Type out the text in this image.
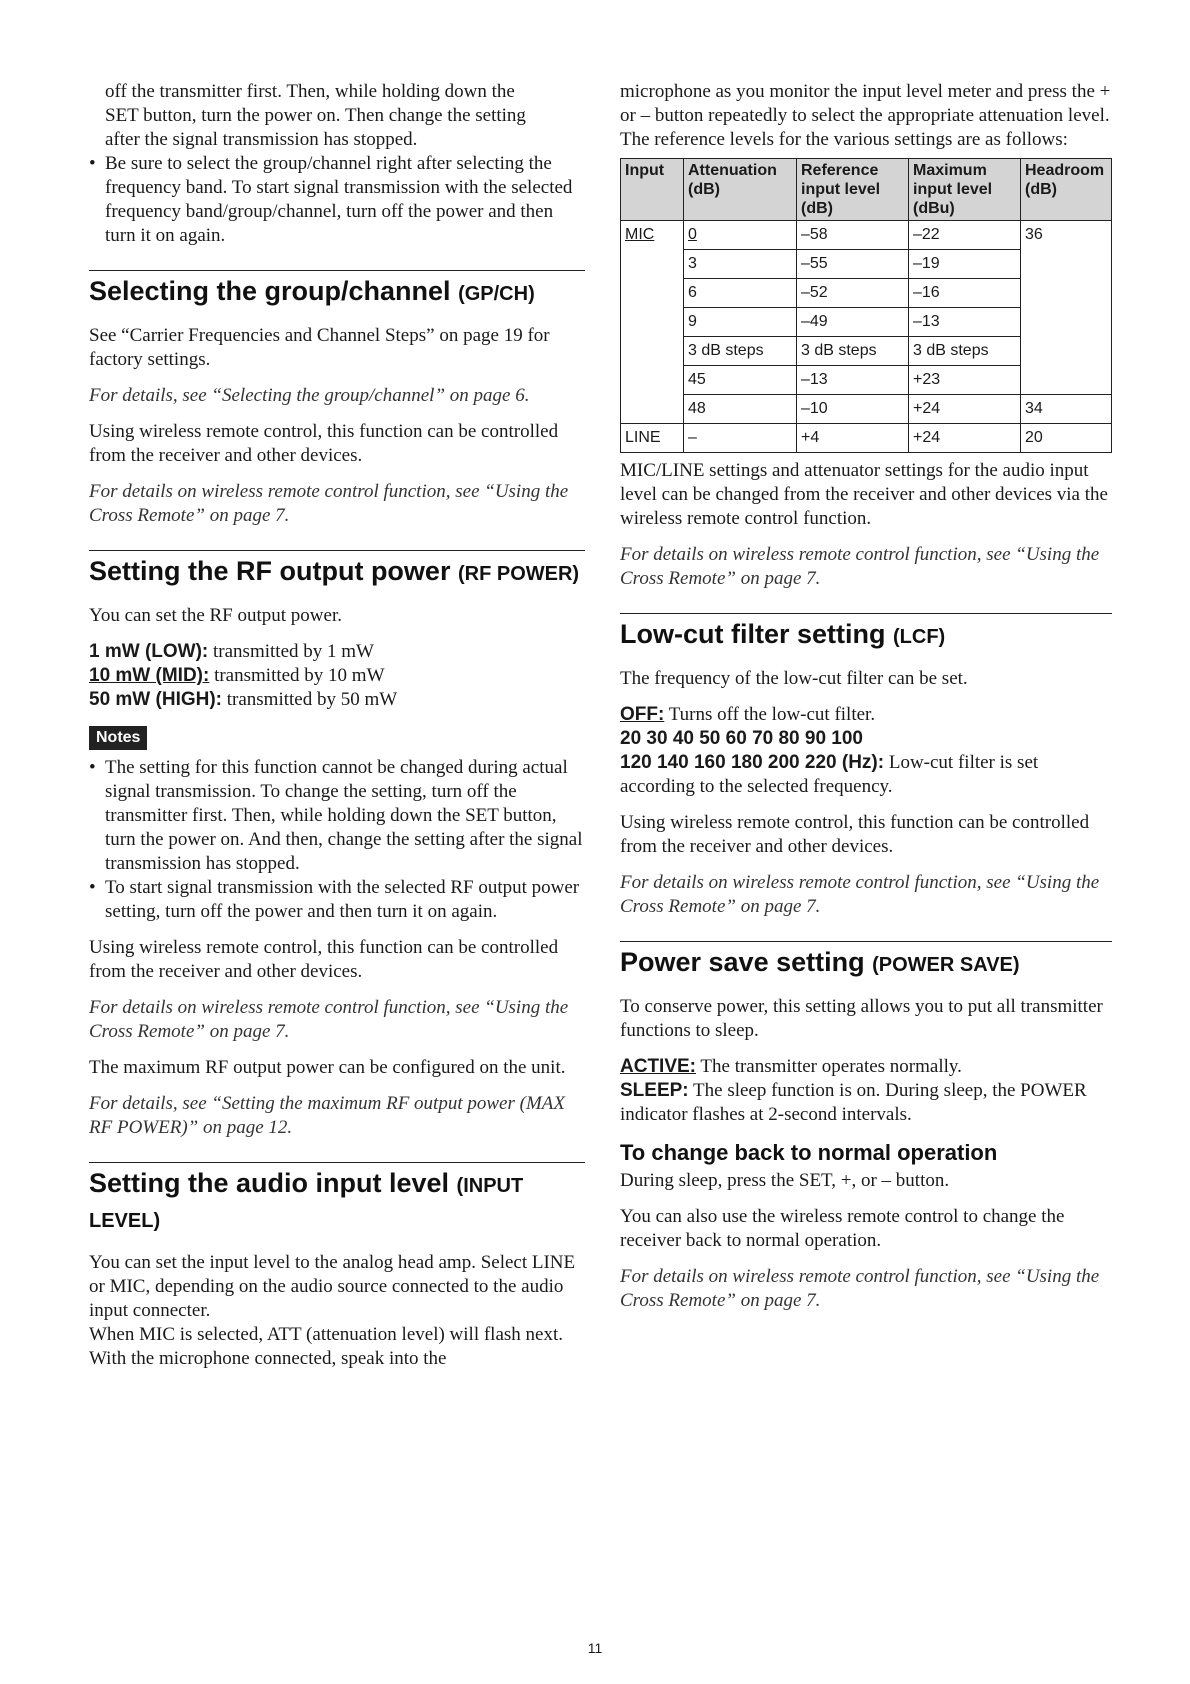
off the transmitter first. Then, while holding down the

SET button, turn the power on. Then change the setting

after the signal transmission has stopped.

• Be sure to select the group/channel right after selecting the frequency band. To start signal transmission with the selected frequency band/group/channel, turn off the power and then turn it on again.
Selecting the group/channel (GP/CH)

See “Carrier Frequencies and Channel Steps” on page 19 for factory settings.

For details, see “Selecting the group/channel” on page 6.

Using wireless remote control, this function can be controlled from the receiver and other devices.

For details on wireless remote control function, see “Using the Cross Remote” on page 7.

Setting the RF output power (RF POWER)

You can set the RF output power.

1 mW (LOW): transmitted by 1 mW

10 mW (MID): transmitted by 10 mW

50 mW (HIGH): transmitted by 50 mW

Notes
• The setting for this function cannot be changed during actual signal transmission. To change the setting, turn off the transmitter first. Then, while holding down the SET button, turn the power on. And then, change the setting after the signal transmission has stopped.
• To start signal transmission with the selected RF output power setting, turn off the power and then turn it on again.

Using wireless remote control, this function can be controlled from the receiver and other devices.

For details on wireless remote control function, see “Using the Cross Remote” on page 7.

The maximum RF output power can be configured on the unit.

For details, see “Setting the maximum RF output power (MAX RF POWER)” on page 12.

Setting the audio input level (INPUT LEVEL)

You can set the input level to the analog head amp. Select LINE or MIC, depending on the audio source connected to the audio input connecter.

When MIC is selected, ATT (attenuation level) will flash next. With the microphone connected, speak into the

microphone as you monitor the input level meter and press the + or – button repeatedly to select the appropriate attenuation level.

The reference levels for the various settings are as follows:

Input	Attenuation (dB)	Reference input level (dB)	Maximum input level (dBu)	Headroom (dB)
MIC	0	–58	–22	36
	3	–55	–19	
	6	–52	–16	
	9	–49	–13	
	3 dB steps	3 dB steps	3 dB steps	
	45	–13	+23	
	48	–10	+24	34
LINE	–	+4	+24	20

MIC/LINE settings and attenuator settings for the audio input level can be changed from the receiver and other devices via the wireless remote control function.

For details on wireless remote control function, see “Using the Cross Remote” on page 7.

Low-cut filter setting (LCF)

The frequency of the low-cut filter can be set.

OFF: Turns off the low-cut filter.

20 30 40 50 60 70 80 90 100

120 140 160 180 200 220 (Hz): Low-cut filter is set according to the selected frequency.

Using wireless remote control, this function can be controlled from the receiver and other devices.

For details on wireless remote control function, see “Using the Cross Remote” on page 7.

Power save setting (POWER SAVE)

To conserve power, this setting allows you to put all transmitter functions to sleep.

ACTIVE: The transmitter operates normally.

SLEEP: The sleep function is on. During sleep, the POWER indicator flashes at 2-second intervals.

To change back to normal operation

During sleep, press the SET, +, or – button.

You can also use the wireless remote control to change the receiver back to normal operation.

For details on wireless remote control function, see “Using the Cross Remote” on page 7.

11
